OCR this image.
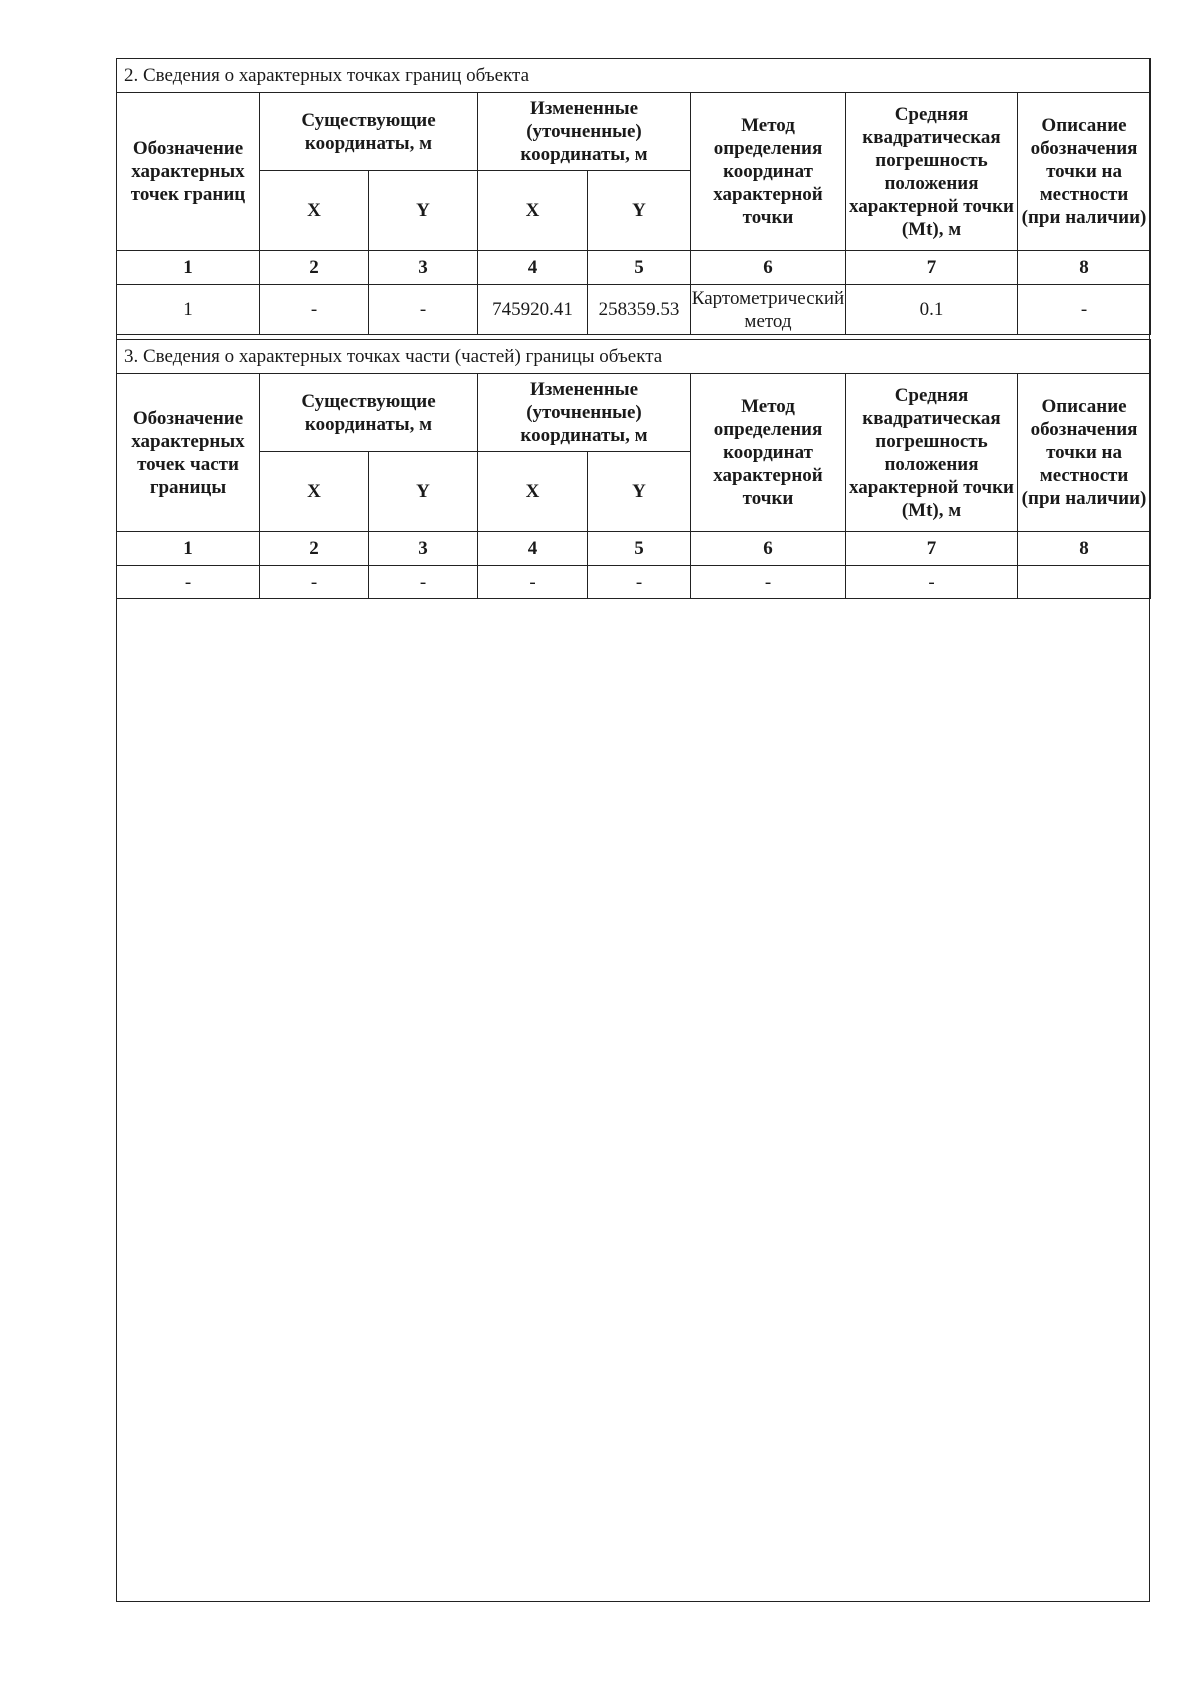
2. Сведения о характерных точках границ объекта							
Обозначение характерных точек границ	Существующие координаты, м		Измененные (уточненные) координаты, м		Метод определения координат характерной точки	Средняя квадратическая погрешность положения характерной точки (Mt), м	Описание обозначения точки на местности (при наличии)
	X	Y	X	Y			
1	2	3	4	5	6	7	8
1	-	-	745920.41	258359.53	Картометрический метод	0.1	-
3. Сведения о характерных точках части (частей) границы объекта							
Обозначение характерных точек части границы	Существующие координаты, м		Измененные (уточненные) координаты, м		Метод определения координат характерной точки	Средняя квадратическая погрешность положения характерной точки (Mt), м	Описание обозначения точки на местности (при наличии)
	X	Y	X	Y			
1	2	3	4	5	6	7	8
-	-	-	-	-	-	-	
